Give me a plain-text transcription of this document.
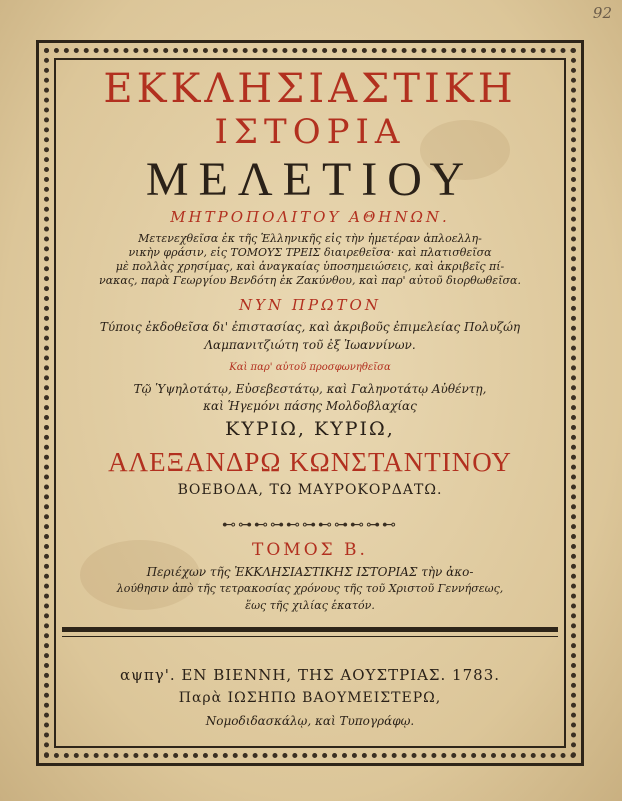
92
ΕΚΚΛΗΣΙΑΣΤΙΚΗ
ΙΣΤΟΡΙΑ
ΜΕΛΕΤΙΟΥ
ΜΗΤΡΟΠΟΛΙΤΟΥ ΑΘΗΝΩΝ.
Μετενεχθεῖσα ἐκ τῆς Ἑλληνικῆς εἰς τὴν ἡμετέραν ἁπλοελλη-
νικὴν φράσιν, εἰς ΤΟΜΟΥΣ ΤΡΕΙΣ διαιρεθεῖσα· καὶ πλατισθεῖσα
μὲ πολλὰς χρησίμας, καὶ ἀναγκαίας ὑποσημειώσεις, καὶ ἀκριβεῖς πί-
νακας, παρὰ Γεωργίου Βενδότη ἐκ Ζακύνθου, καὶ παρ' αὐτοῦ διορθωθεῖσα.
ΝΥΝ ΠΡΩΤΟΝ
Τύποις ἐκδοθεῖσα δι' ἐπιστασίας, καὶ ἀκριβοῦς ἐπιμελείας Πολυζώη
Λαμπανιτζιώτη τοῦ ἐξ Ἰωαννίνων.
Καὶ παρ' αὐτοῦ προσφωνηθεῖσα
Τῷ Ὑψηλοτάτῳ, Εὐσεβεστάτῳ, καὶ Γαληνοτάτῳ Αὐθέντῃ,
καὶ Ἡγεμόνι πάσης Μολδοβλαχίας
ΚΥΡΙΩ, ΚΥΡΙΩ,
ΑΛΕΞΑΝΔΡΩ ΚΩΝΣΤΑΝΤΙΝΟΥ
ΒΟΕΒΟΔΑ, ΤΩ ΜΑΥΡΟΚΟΡΔΑΤΩ.
⊷⊶⊷⊶⊷⊶⊷⊶⊷⊶⊷
ΤΟΜΟΣ Β.
Περιέχων τῆς ἘΚΚΛΗΣΙΑΣΤΙΚΗΣ ΙΣΤΟΡΙΑΣ τὴν ἀκο-
λούθησιν ἀπὸ τῆς τετρακοσίας χρόνους τῆς τοῦ Χριστοῦ Γεννήσεως,
ἕως τῆς χιλίας ἑκατόν.
αψπγ'. ΕΝ ΒΙΕΝΝΗ, ΤΗΣ ΑΟΥΣΤΡΙΑΣ. 1783.
Παρὰ ΙΩΣΗΠΩ ΒΑΟΥΜΕΙΣΤΕΡΩ,
Νομοδιδασκάλῳ, καὶ Τυπογράφῳ.
